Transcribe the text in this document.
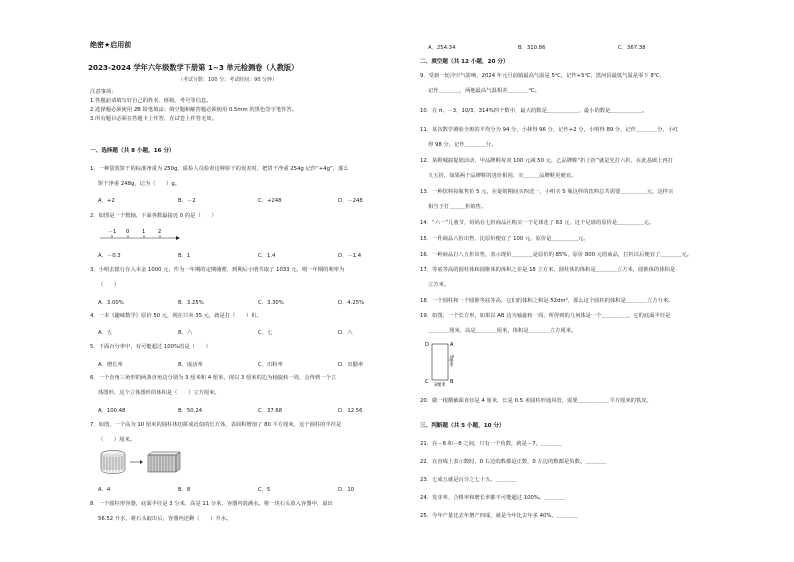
绝密★启用前
2023-2024 学年六年级数学下册第 1~3 单元检测卷（人教版）
（考试分数：100 分；考试时间：90 分钟）
注意事项：
1.答题前请填写好自己的姓名、班级、考号等信息。
2.选择题必须使用 2B 铅笔填涂；填空题和解答题必须使用 0.5mm 的黑色签字笔作答。
3.所有题目必须在答题卡上作答，在试卷上作答无效。
一、选择题（共 8 小题，16 分）
1．一种袋装饼干的标准净重为 250g，质检人员检查这种饼干的误差时，把饼干净重 254g 记作“+4g”，那么
饼干净重 248g，记为（　　）g。
A．+2	B．－2	C．+248	D．－248
2．如图是一个数轴，下面各数最接近 0 的是（　　）
－1 0	1	2
A．－0.3	B．1	C．1.4	D．－1.4
3．小明去银行存入本金 1000 元，作为一年期的定期储蓄，到期后小明共取了 1033 元，则一年期的利率为
（　　）
A．3.00%	B．3.25%	C．3.30%	D．4.25%
4．一本《趣味数学》原价 50 元，现在只卖 35 元，就是打（　　）折。
A．五	B．六	C．七	D．八
5．下面百分率中，有可能超过 100%的是（　　）
A．增长率	B．成活率	C．出粉率	D．出勤率
6．一个直角三角形的两条直角边分别为 3 厘米和 4 厘米，现以 3 厘米的边为轴旋转一周，会得到一个立
体图形，这个立体图形的体积是（　　）立方厘米。
A．100.48	B．50.24	C．37.68	D．12.56
7．如图，一个高为 10 厘米的圆柱体切拼成近似的长方体，表面积增加了 80 平方厘米，这个圆柱的半径是
（　　）厘米。
A．4	B．8	C．5	D．10
8．一个圆柱形容器，底面半径是 3 分米，高是 11 分米，容器内装满水。将一块石头放入容器中，溢出
56.52 升水，将石头取出后，容器内还剩（　　）升水。
A．254.34	B．310.86	C．367.38
二、填空题（共 12 小题，20 分）
9．受新一轮冷空气影响，2024 年元旦前镇最高气温是 5℃，记作+5℃，黑河县最低气温是零下 8℃，
记作＿＿＿＿，两地最高气温相差＿＿＿＿℃。
10．在 π、－3、10/3、314%四个数中，最大的数是＿＿＿＿＿＿，最小的数是＿＿＿＿＿＿。
11．某次数学测验全班的平均分为 94 分，小林得 96 分，记作+2 分，小明得 89 分，记作＿＿＿＿分，小红
得 98 分，记作＿＿＿＿分。
12．某鞋城搞促销活动，甲品牌鞋每双 100 元减 50 元，乙品牌鞋“折上折”就是先打六折，在此基础上再打
九五折，如果两个品牌鞋的进价相同，买＿＿＿品牌鞋更便宜。
13．一种饮料每瓶售价 5 元，在促销期间买四送一，小明买 5 瓶这样的饮料总共需要＿＿＿＿＿元，这样买
相当于打＿＿＿折销售。
14．“六一”儿童节，妈妈在七折商品区购买一个足球花了 63 元，这个足球的原价是＿＿＿＿＿元。
15．一件商品八折出售，比原价便宜了 100 元，原价是＿＿＿＿＿元。
16．一种商品打八五折出售，表示现价＿＿＿＿是原价的 85%，原价 800 元的商品，打折以后便宜了＿＿＿＿元。
17．等底等高的圆柱体和圆锥体的体积之差是 18 立方米，圆柱体的体积是＿＿＿＿立方米，圆锥体的体积是
立方米。
18．一个圆柱和一个圆锥等底等高，它们的体积之和是 52dm³，那么这个圆柱的体积是＿＿＿＿立方分米。
19．如图，一个长方形，如果以 AB 边为轴旋转一周，所得到的几何体是一个＿＿＿＿＿，它的底面半径是
＿＿＿＿厘米，高是＿＿＿＿厘米，体积是＿＿＿＿立方厘米。
D	A
C	B
5厘米
3厘米
20．做一根横截面直径是 4 厘米，长是 0.5 米圆柱形通风管，需要＿＿＿＿＿＿平方厘米的铁皮。
三、判断题（共 5 小题，10 分）
21．在－6 和－8 之间，只有一个负数，就是－7。＿＿＿＿
22．在直线上表示数时，0 右边的数都是正数，0 左边的数都是负数。＿＿＿＿
23．七成五就是百分之七十五。＿＿＿＿
24．发芽率、合格率和增长率都不可能超过 100%。＿＿＿＿
25．今年产量比去年增产四成，就是今年比去年多 40%。＿＿＿＿
